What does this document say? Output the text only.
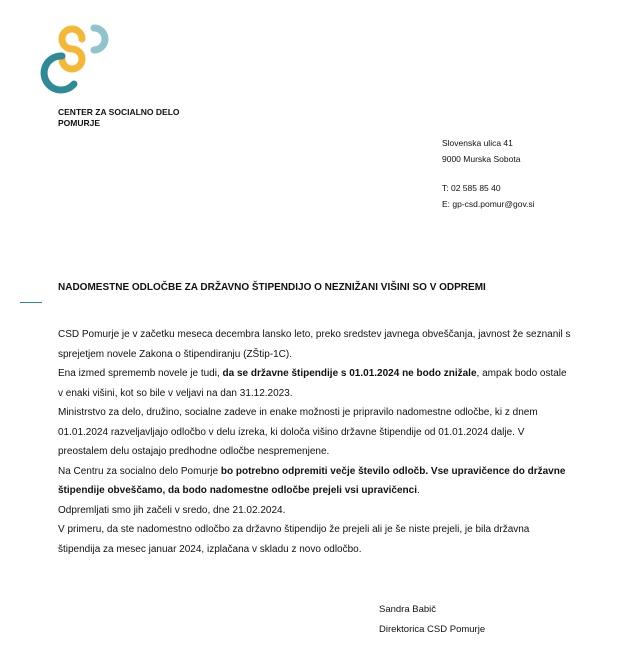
CENTER ZA SOCIALNO DELO
POMURJE
Slovenska ulica 41
9000 Murska Sobota
T: 02 585 85 40
E: gp-csd.pomur@gov.si
NADOMESTNE ODLOČBE ZA DRŽAVNO ŠTIPENDIJO O NEZNIŽANI VIŠINI SO V ODPREMI

CSD Pomurje je v začetku meseca decembra lansko leto, preko sredstev javnega obveščanja, javnost že seznanil s sprejetjem novele Zakona o štipendiranju (ZŠtip-1C).

Ena izmed sprememb novele je tudi, da se državne štipendije s 01.01.2024 ne bodo znižale, ampak bodo ostale v enaki višini, kot so bile v veljavi na dan 31.12.2023.

Ministrstvo za delo, družino, socialne zadeve in enake možnosti je pripravilo nadomestne odločbe, ki z dnem 01.01.2024 razveljavljajo odločbo v delu izreka, ki določa višino državne štipendije od 01.01.2024 dalje. V preostalem delu ostajajo predhodne odločbe nespremenjene.

Na Centru za socialno delo Pomurje bo potrebno odpremiti večje število odločb. Vse upravičence do državne štipendije obveščamo, da bodo nadomestne odločbe prejeli vsi upravičenci.

Odpremljati smo jih začeli v sredo, dne 21.02.2024.

V primeru, da ste nadomestno odločbo za državno štipendijo že prejeli ali je še niste prejeli, je bila državna štipendija za mesec januar 2024, izplačana v skladu z novo odločbo.

Sandra Babič
Direktorica CSD Pomurje
